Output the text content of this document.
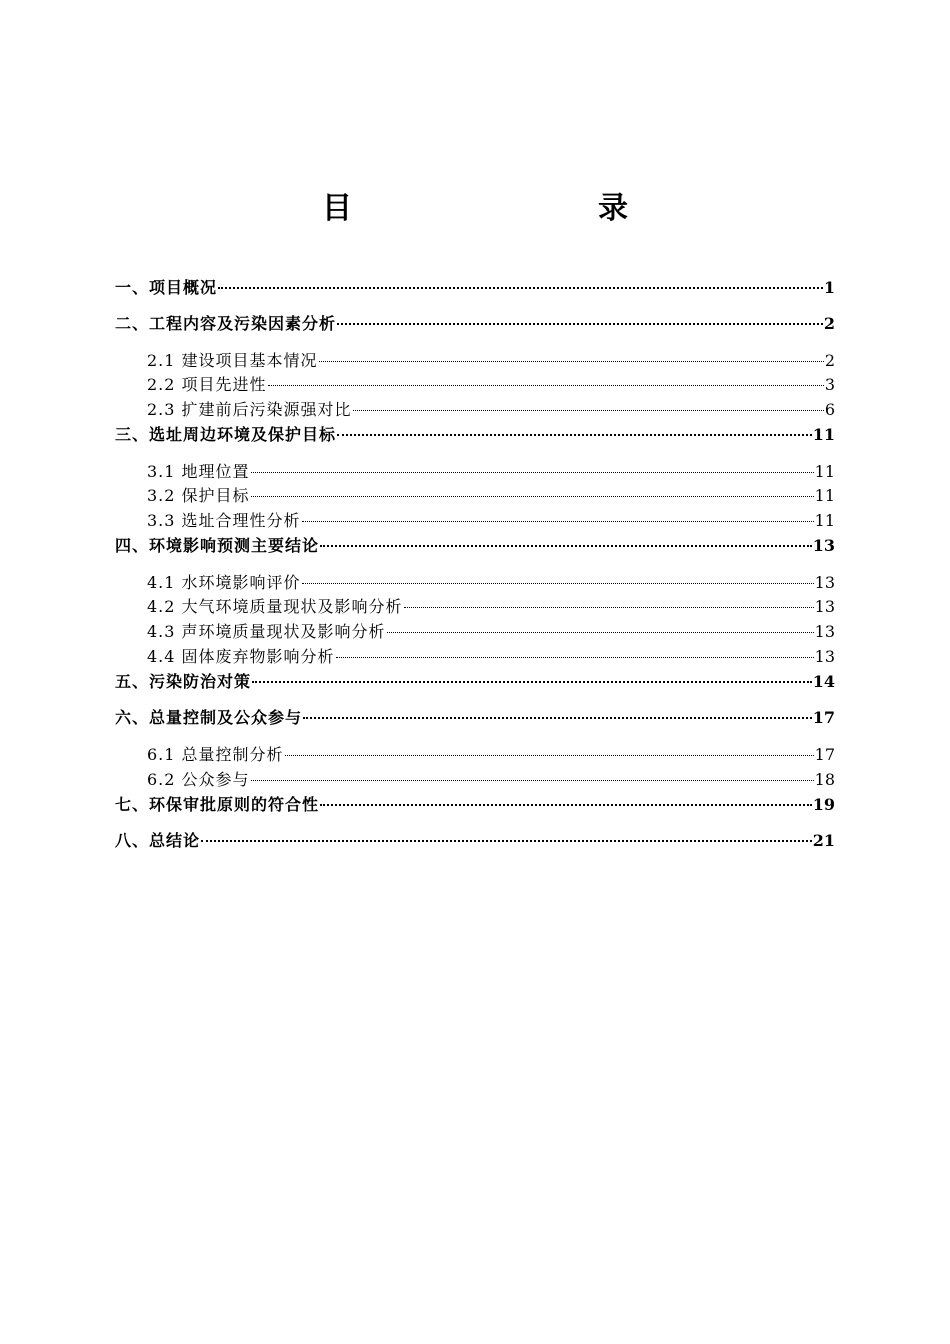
目　　录
一、项目概况	1
二、工程内容及污染因素分析	2
2.1 建设项目基本情况	2
2.2 项目先进性	3
2.3 扩建前后污染源强对比	6
三、选址周边环境及保护目标	11
3.1 地理位置	11
3.2 保护目标	11
3.3 选址合理性分析	11
四、环境影响预测主要结论	13
4.1 水环境影响评价	13
4.2 大气环境质量现状及影响分析	13
4.3 声环境质量现状及影响分析	13
4.4 固体废弃物影响分析	13
五、污染防治对策	14
六、总量控制及公众参与	17
6.1 总量控制分析	17
6.2 公众参与	18
七、环保审批原则的符合性	19
八、总结论	21
